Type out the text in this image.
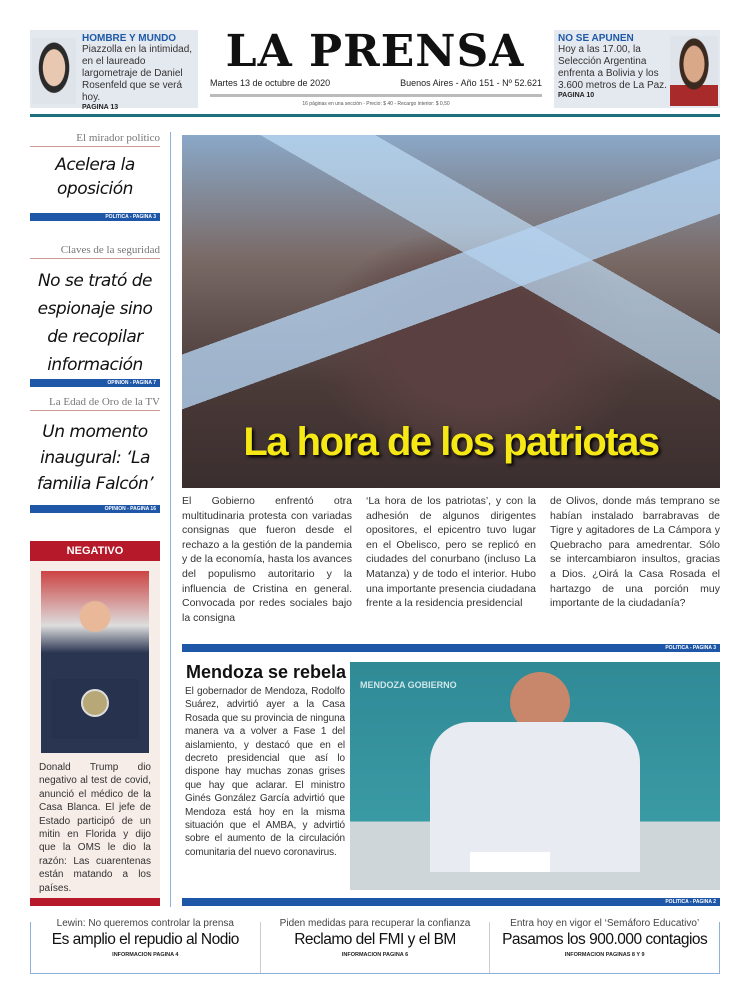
HOMBRE Y MUNDO
Piazzolla en la intimidad, en el laureado largometraje de Daniel Rosenfeld que se verá hoy.
PAGINA 13
LA PRENSA
Martes 13 de octubre de 2020	Buenos Aires - Año 151 - Nº 52.621
16 páginas en una sección - Precio: $ 40 - Recargo interior: $ 0,50
NO SE APUNEN
Hoy a las 17.00, la Selección Argentina enfrenta a Bolivia y los 3.600 metros de La Paz.
PAGINA 10
El mirador político
Acelera la oposición
POLITICA - PAGINA 3
Claves de la seguridad
No se trató de espionaje sino de recopilar información
OPINION - PAGINA 7
La Edad de Oro de la TV
Un momento inaugural: ‘La familia Falcón’
OPINION - PAGINA 16
NEGATIVO
Donald Trump dio negativo al test de covid, anunció el médico de la Casa Blanca. El jefe de Estado participó de un mitin en Florida y dijo que la OMS le dio la razón: Las cuarentenas están matando a los países.
La hora de los patriotas
El Gobierno enfrentó otra multitudinaria protesta con variadas consignas que fueron desde el rechazo a la gestión de la pandemia y de la economía, hasta los avances del populismo autoritario y la influencia de Cristina en general. Convocada por redes sociales bajo la consigna
‘La hora de los patriotas’, y con la adhesión de algunos dirigentes opositores, el epicentro tuvo lugar en el Obelisco, pero se replicó en ciudades del conurbano (incluso La Matanza) y de todo el interior. Hubo una importante presencia ciudadana frente a la residencia presidencial
de Olivos, donde más temprano se habían instalado barrabravas de Tigre y agitadores de La Cámpora y Quebracho para amedrentar. Sólo se intercambiaron insultos, gracias a Dios. ¿Oirá la Casa Rosada el hartazgo de una porción muy importante de la ciudadanía?
POLITICA - PAGINA 3
Mendoza se rebela
El gobernador de Mendoza, Rodolfo Suárez, advirtió ayer a la Casa Rosada que su provincia de ninguna manera va a volver a Fase 1 del aislamiento, y destacó que en el decreto presidencial que así lo dispone hay muchas zonas grises que hay que aclarar. El ministro Ginés González García advirtió que Mendoza está hoy en la misma situación que el AMBA, y advirtió sobre el aumento de la circulación comunitaria del nuevo coronavirus.
MENDOZA GOBIERNO
POLITICA - PAGINA 2
Lewin: No queremos controlar la prensa
Es amplio el repudio al Nodio
INFORMACION PAGINA 4
Piden medidas para recuperar la confianza
Reclamo del FMI y el BM
INFORMACION PAGINA 6
Entra hoy en vigor el ‘Semáforo Educativo’
Pasamos los 900.000 contagios
INFORMACION PAGINAS 8 Y 9
